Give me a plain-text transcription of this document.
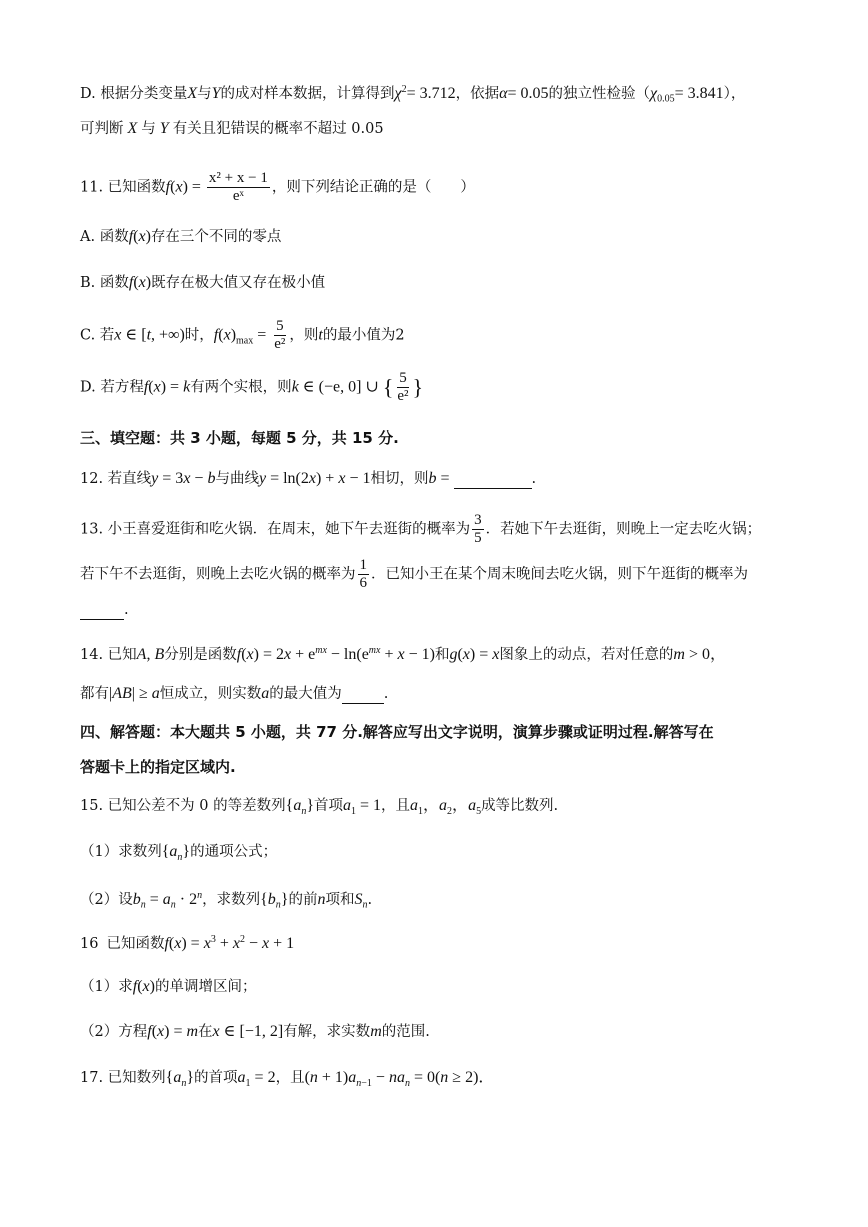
D. 根据分类变量X与Y的成对样本数据，计算得到$\chi^2= 3.712$，依据α= 0.05的独立性检验$(\chi_{0.05}= 3.841)$，
可判断 X 与 Y 有关且犯错误的概率不超过 0.05
11. 已知函数$f(x) = \frac{\text{x² + x − 1}}{\text{eˣ}}$ ，则下列结论正确的是（　　）
A. 函数f(x)存在三个不同的零点
B. 函数f(x)既存在极大值又存在极小值
C. 若x ∈ [t, +∞)时，$f(x)_{max} = \frac{5}{\text{e²}}$ ，则t的最小值为2
D. 若方程f(x) = k有两个实根，则k ∈ (−e, 0] ∪ { $\frac{5}{\text{e²}}$ }
三、填空题：共 3 小题，每题 5 分，共 15 分.
12. 若直线y = 3x − b与曲线y = ln(2x) + x − 1相切，则b =	.
13. 小王喜爱逛街和吃火锅．在周末，她下午去逛街的概率为 $\frac{3}{5}$ ．若她下午去逛街，则晚上一定去吃火锅；
若下午不去逛街，则晚上去吃火锅的概率为 $\frac{1}{6}$ ．已知小王在某个周末晚间去吃火锅，则下午逛街的概率为
.
14. 已知A, B分别是函数$f(x) = 2x + e^{mx} - \ln(e^{mx} + x - 1)$和g(x) = x图象上的动点，若对任意的m > 0，
都有|AB| ≥ a恒成立，则实数a的最大值为	.
四、解答题：本大题共 5 小题，共 77 分.解答应写出文字说明，演算步骤或证明过程.解答写在
答题卡上的指定区域内.
15. 已知公差不为 0 的等差数列$\{a_n\}$首项$a_1 = 1$，且$a_1$，$a_2$，$a_5$成等比数列.
（1）求数列$\{a_n\}$的通项公式；
（2）设$b_n = a_n \cdot 2^n$，求数列$\{b_n\}$的前n项和$S_n$.
16 已知函数$f(x) = x^3 + x^2 - x + 1$
（1）求f(x)的单调增区间；
（2）方程f(x) = m在x ∈ [−1, 2]有解，求实数m的范围.
17. 已知数列$\{a_n\}$的首项$a_1 = 2$，且$(n + 1)a_{n-1} - na_n = 0(n \ge 2)$．
